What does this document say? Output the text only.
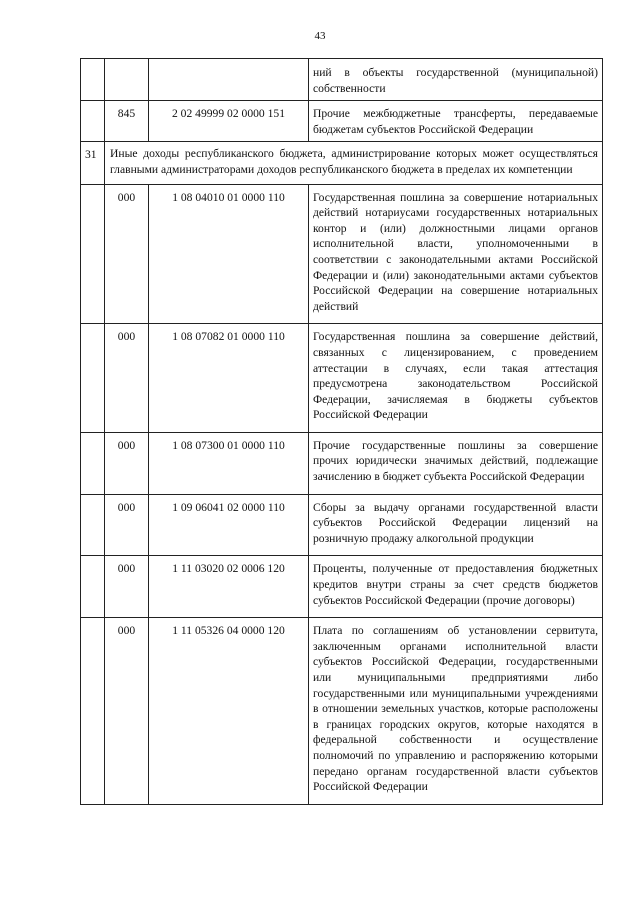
43
			ний в объекты государственной (муниципальной) собственности
	845	2 02 49999 02 0000 151	Прочие межбюджетные трансферты, передаваемые бюджетам субъектов Российской Федерации
31	Иные доходы республиканского бюджета, администрирование которых может осуществляться главными администраторами доходов республиканского бюджета в пределах их компетенции		
	000	1 08 04010 01 0000 110	Государственная пошлина за совершение нотариальных действий нотариусами государственных нотариальных контор и (или) должностными лицами органов исполнительной власти, уполномоченными в соответствии с законодательными актами Российской Федерации и (или) законодательными актами субъектов Российской Федерации на совершение нотариальных действий
	000	1 08 07082 01 0000 110	Государственная пошлина за совершение действий, связанных с лицензированием, с проведением аттестации в случаях, если такая аттестация предусмотрена законодательством Российской Федерации, зачисляемая в бюджеты субъектов Российской Федерации
	000	1 08 07300 01 0000 110	Прочие государственные пошлины за совершение прочих юридически значимых действий, подлежащие зачислению в бюджет субъекта Российской Федерации
	000	1 09 06041 02 0000 110	Сборы за выдачу органами государственной власти субъектов Российской Федерации лицензий на розничную продажу алкогольной продукции
	000	1 11 03020 02 0006 120	Проценты, полученные от предоставления бюджетных кредитов внутри страны за счет средств бюджетов субъектов Российской Федерации (прочие договоры)
	000	1 11 05326 04 0000 120	Плата по соглашениям об установлении сервитута, заключенным органами исполнительной власти субъектов Российской Федерации, государственными или муниципальными предприятиями либо государственными или муниципальными учреждениями в отношении земельных участков, которые расположены в границах городских округов, которые находятся в федеральной собственности и осуществление полномочий по управлению и распоряжению которыми передано органам государственной власти субъектов Российской Федерации
